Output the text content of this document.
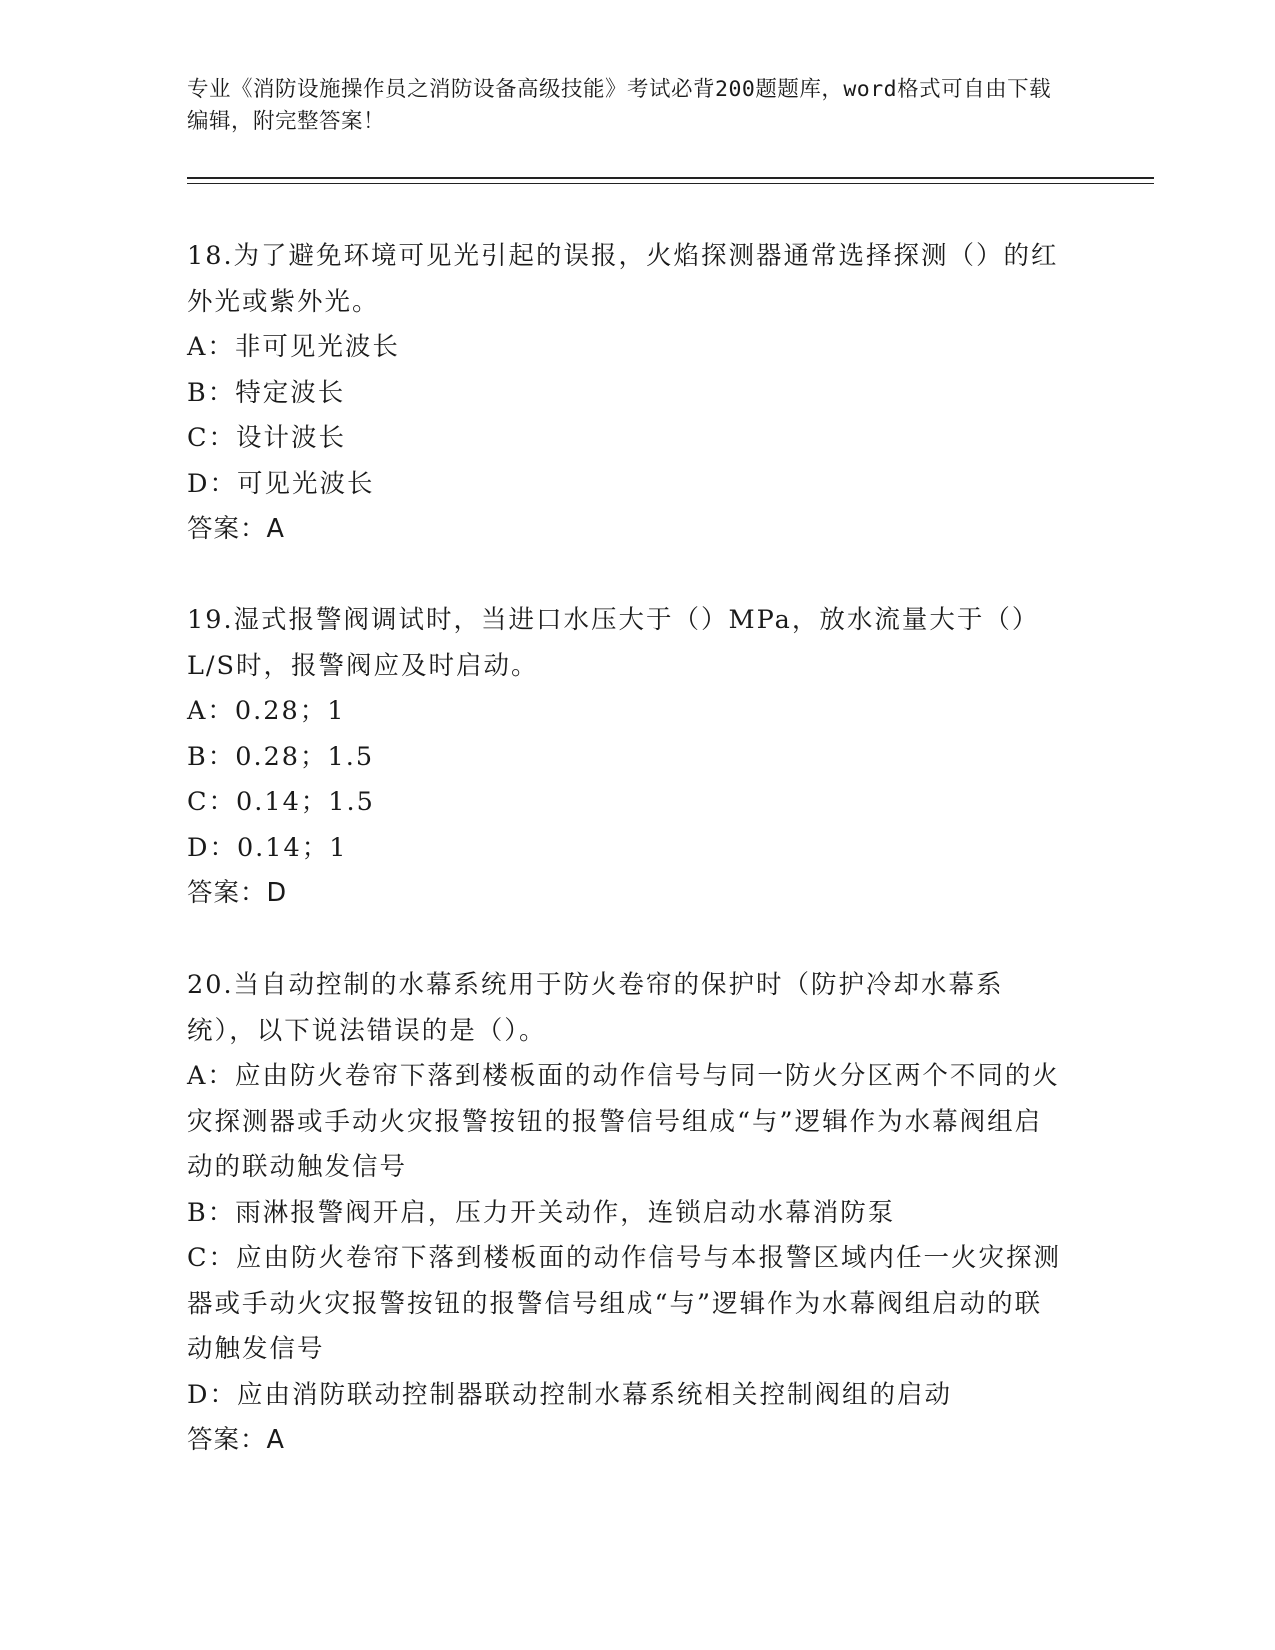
专业《消防设施操作员之消防设备高级技能》考试必背200题题库，word格式可自由下载编辑，附完整答案！

18.为了避免环境可见光引起的误报，火焰探测器通常选择探测（）的红外光或紫外光。

A：非可见光波长

B：特定波长

C：设计波长

D：可见光波长

答案：A

19.湿式报警阀调试时，当进口水压大于（）MPa，放水流量大于（）L/S时，报警阀应及时启动。

A：0.28；1

B：0.28；1.5

C：0.14；1.5

D：0.14；1

答案：D

20.当自动控制的水幕系统用于防火卷帘的保护时（防护冷却水幕系统），以下说法错误的是（）。

A：应由防火卷帘下落到楼板面的动作信号与同一防火分区两个不同的火灾探测器或手动火灾报警按钮的报警信号组成“与”逻辑作为水幕阀组启动的联动触发信号

B：雨淋报警阀开启，压力开关动作，连锁启动水幕消防泵

C：应由防火卷帘下落到楼板面的动作信号与本报警区域内任一火灾探测器或手动火灾报警按钮的报警信号组成“与”逻辑作为水幕阀组启动的联动触发信号

D：应由消防联动控制器联动控制水幕系统相关控制阀组的启动

答案：A
